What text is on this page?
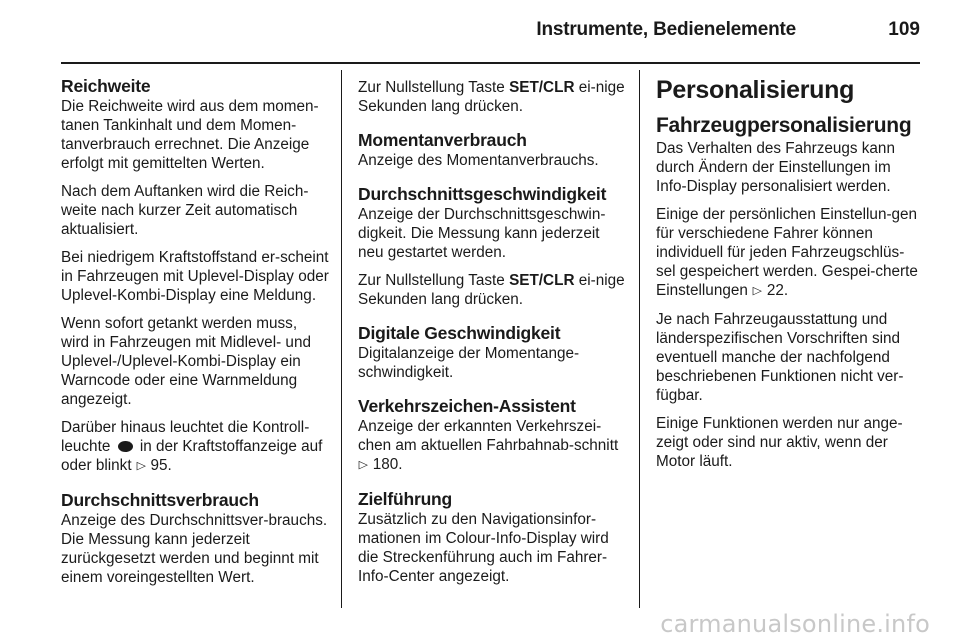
Instrumente, Bedienelemente	109
Reichweite

Die Reichweite wird aus dem momen-tanen Tankinhalt und dem Momen-tanverbrauch errechnet. Die Anzeige erfolgt mit gemittelten Werten.

Nach dem Auftanken wird die Reich-weite nach kurzer Zeit automatisch aktualisiert.

Bei niedrigem Kraftstoffstand er-scheint in Fahrzeugen mit Uplevel-Display oder Uplevel-Kombi-Display eine Meldung.

Wenn sofort getankt werden muss, wird in Fahrzeugen mit Midlevel- und Uplevel-/Uplevel-Kombi-Display ein Warncode oder eine Warnmeldung angezeigt.

Darüber hinaus leuchtet die Kontroll-leuchte in der Kraftstoffanzeige auf oder blinkt ▷ 95.

Durchschnittsverbrauch

Anzeige des Durchschnittsver-brauchs. Die Messung kann jederzeit zurückgesetzt werden und beginnt mit einem voreingestellten Wert.

Zur Nullstellung Taste SET/CLR ei-nige Sekunden lang drücken.

Momentanverbrauch

Anzeige des Momentanverbrauchs.

Durchschnittsgeschwindigkeit

Anzeige der Durchschnittsgeschwin-digkeit. Die Messung kann jederzeit neu gestartet werden.

Zur Nullstellung Taste SET/CLR ei-nige Sekunden lang drücken.

Digitale Geschwindigkeit

Digitalanzeige der Momentange-schwindigkeit.

Verkehrszeichen-Assistent

Anzeige der erkannten Verkehrszei-chen am aktuellen Fahrbahnab-schnitt ▷ 180.

Zielführung

Zusätzlich zu den Navigationsinfor-mationen im Colour-Info-Display wird die Streckenführung auch im Fahrer-Info-Center angezeigt.

Personalisierung
Fahrzeugpersonalisierung

Das Verhalten des Fahrzeugs kann durch Ändern der Einstellungen im Info-Display personalisiert werden.

Einige der persönlichen Einstellun-gen für verschiedene Fahrer können individuell für jeden Fahrzeugschlüs-sel gespeichert werden. Gespei-cherte Einstellungen ▷ 22.

Je nach Fahrzeugausstattung und länderspezifischen Vorschriften sind eventuell manche der nachfolgend beschriebenen Funktionen nicht ver-fügbar.

Einige Funktionen werden nur ange-zeigt oder sind nur aktiv, wenn der Motor läuft.

carmanualsonline.info
